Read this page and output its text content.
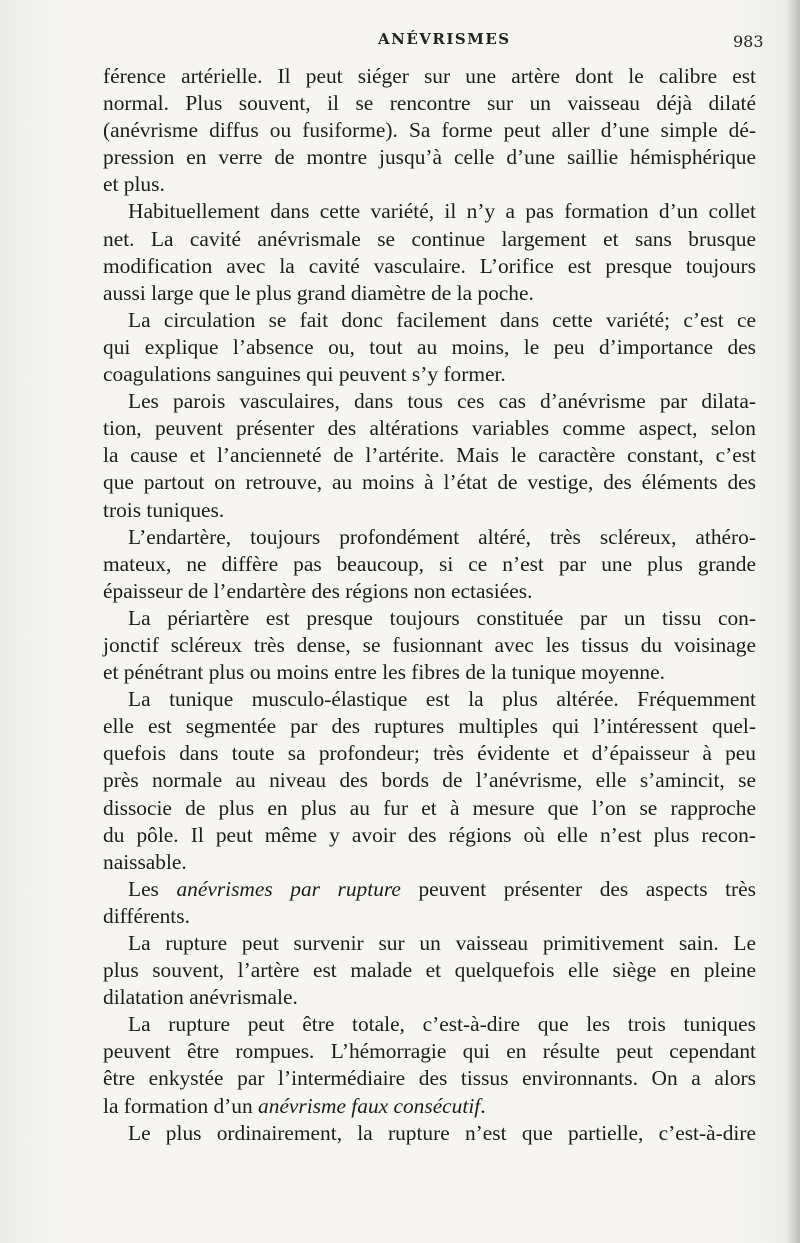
ANÉVRISMES	983

férence artérielle. Il peut siéger sur une artère dont le calibre est
normal. Plus souvent, il se rencontre sur un vaisseau déjà dilaté
(anévrisme diffus ou fusiforme). Sa forme peut aller d’une simple dé-
pression en verre de montre jusqu’à celle d’une saillie hémisphérique
et plus.

Habituellement dans cette variété, il n’y a pas formation d’un collet
net. La cavité anévrismale se continue largement et sans brusque
modification avec la cavité vasculaire. L’orifice est presque toujours
aussi large que le plus grand diamètre de la poche.

La circulation se fait donc facilement dans cette variété; c’est ce
qui explique l’absence ou, tout au moins, le peu d’importance des
coagulations sanguines qui peuvent s’y former.

Les parois vasculaires, dans tous ces cas d’anévrisme par dilata-
tion, peuvent présenter des altérations variables comme aspect, selon
la cause et l’ancienneté de l’artérite. Mais le caractère constant, c’est
que partout on retrouve, au moins à l’état de vestige, des éléments des
trois tuniques.

L’endartère, toujours profondément altéré, très scléreux, athéro-
mateux, ne diffère pas beaucoup, si ce n’est par une plus grande
épaisseur de l’endartère des régions non ectasiées.

La périartère est presque toujours constituée par un tissu con-
jonctif scléreux très dense, se fusionnant avec les tissus du voisinage
et pénétrant plus ou moins entre les fibres de la tunique moyenne.

La tunique musculo-élastique est la plus altérée. Fréquemment
elle est segmentée par des ruptures multiples qui l’intéressent quel-
quefois dans toute sa profondeur; très évidente et d’épaisseur à peu
près normale au niveau des bords de l’anévrisme, elle s’amincit, se
dissocie de plus en plus au fur et à mesure que l’on se rapproche
du pôle. Il peut même y avoir des régions où elle n’est plus recon-
naissable.

Les anévrismes par rupture peuvent présenter des aspects très
différents.

La rupture peut survenir sur un vaisseau primitivement sain. Le
plus souvent, l’artère est malade et quelquefois elle siège en pleine
dilatation anévrismale.

La rupture peut être totale, c’est-à-dire que les trois tuniques
peuvent être rompues. L’hémorragie qui en résulte peut cependant
être enkystée par l’intermédiaire des tissus environnants. On a alors
la formation d’un anévrisme faux consécutif.

Le plus ordinairement, la rupture n’est que partielle, c’est-à-dire
